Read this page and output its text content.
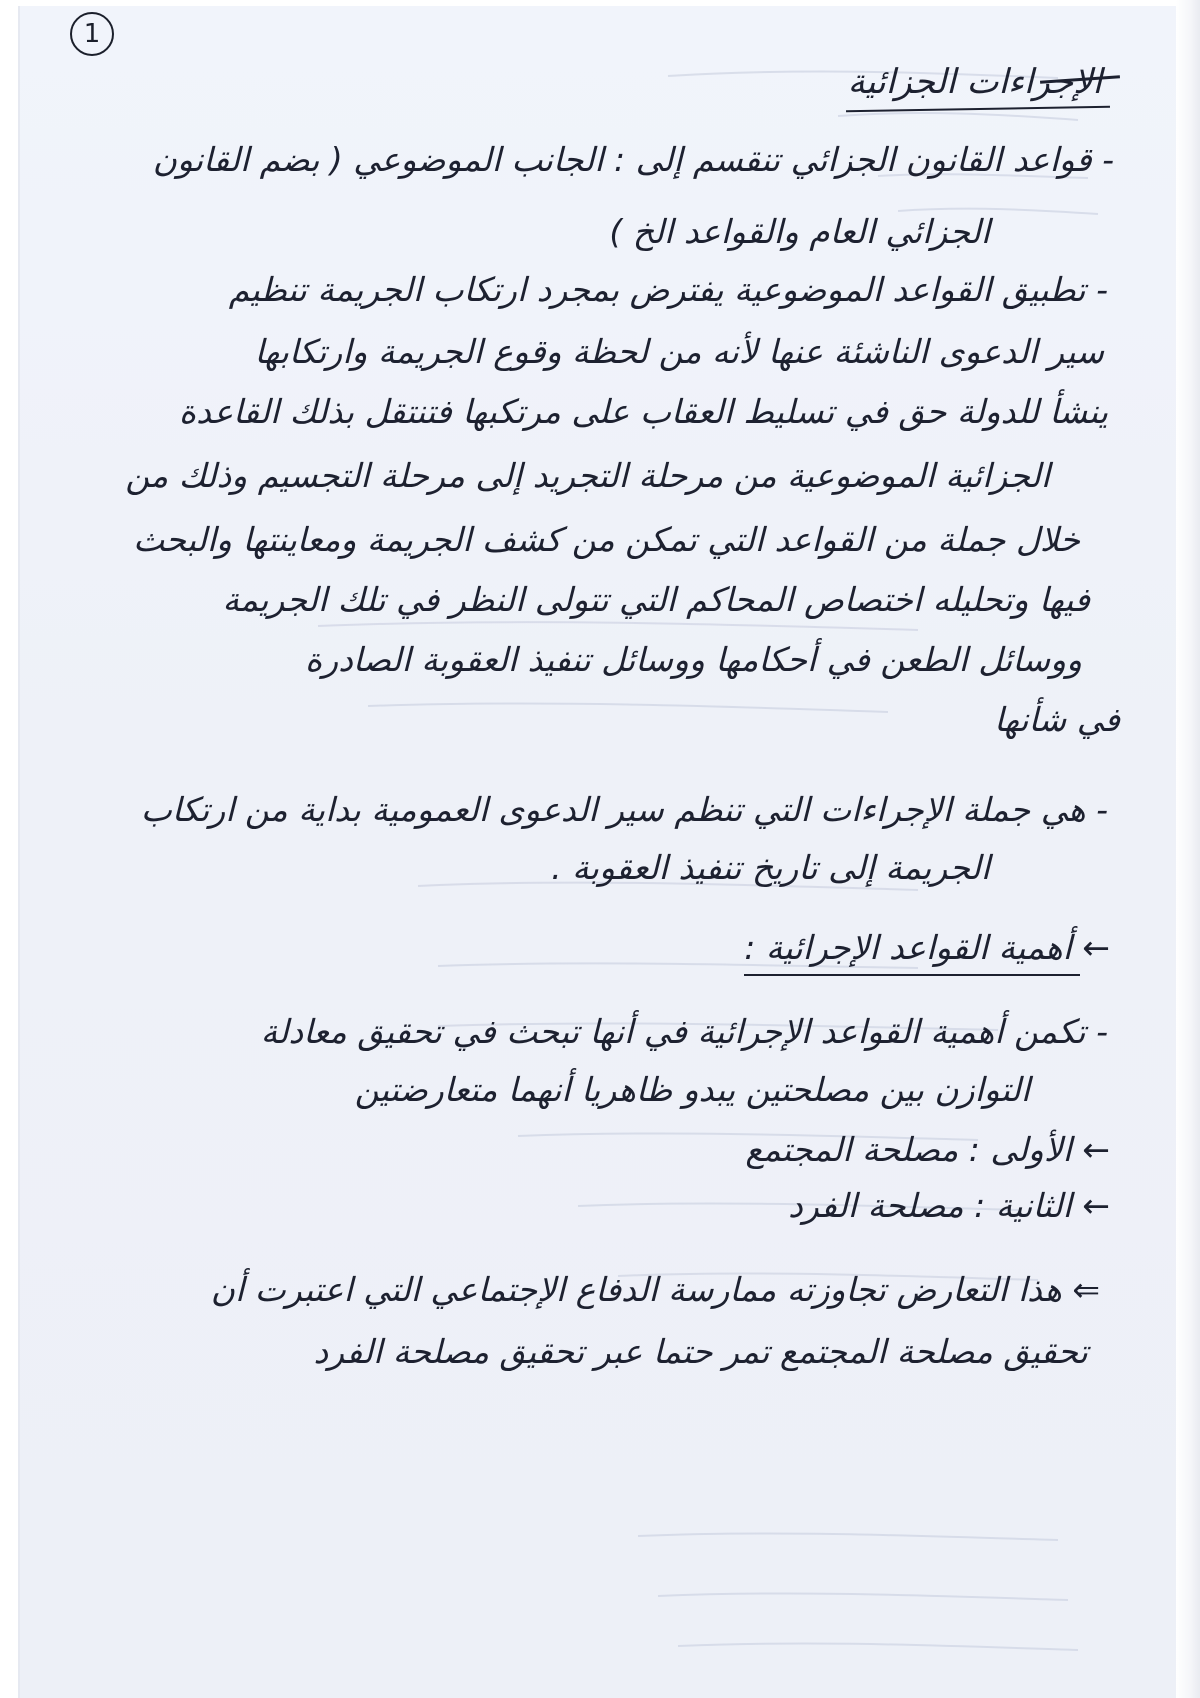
1
الإجراءات الجزائية
- قواعد القانون الجزائي تنقسم إلى : الجانب الموضوعي ( بضم القانون
الجزائي العام والقواعد الخ )
- تطبيق القواعد الموضوعية يفترض بمجرد ارتكاب الجريمة تنظيم
سير الدعوى الناشئة عنها لأنه من لحظة وقوع الجريمة وارتكابها
ينشأ للدولة حق في تسليط العقاب على مرتكبها فتنتقل بذلك القاعدة
الجزائية الموضوعية من مرحلة التجريد إلى مرحلة التجسيم وذلك من
خلال جملة من القواعد التي تمكن من كشف الجريمة ومعاينتها والبحث
فيها وتحليله اختصاص المحاكم التي تتولى النظر في تلك الجريمة
ووسائل الطعن في أحكامها ووسائل تنفيذ العقوبة الصادرة
في شأنها
- هي جملة الإجراءات التي تنظم سير الدعوى العمومية بداية من ارتكاب
الجريمة إلى تاريخ تنفيذ العقوبة .
← أهمية القواعد الإجرائية :
- تكمن أهمية القواعد الإجرائية في أنها تبحث في تحقيق معادلة
التوازن بين مصلحتين يبدو ظاهريا أنهما متعارضتين
← الأولى : مصلحة المجتمع
← الثانية : مصلحة الفرد
⇐ هذا التعارض تجاوزته ممارسة الدفاع الإجتماعي التي اعتبرت أن
تحقيق مصلحة المجتمع تمر حتما عبر تحقيق مصلحة الفرد
